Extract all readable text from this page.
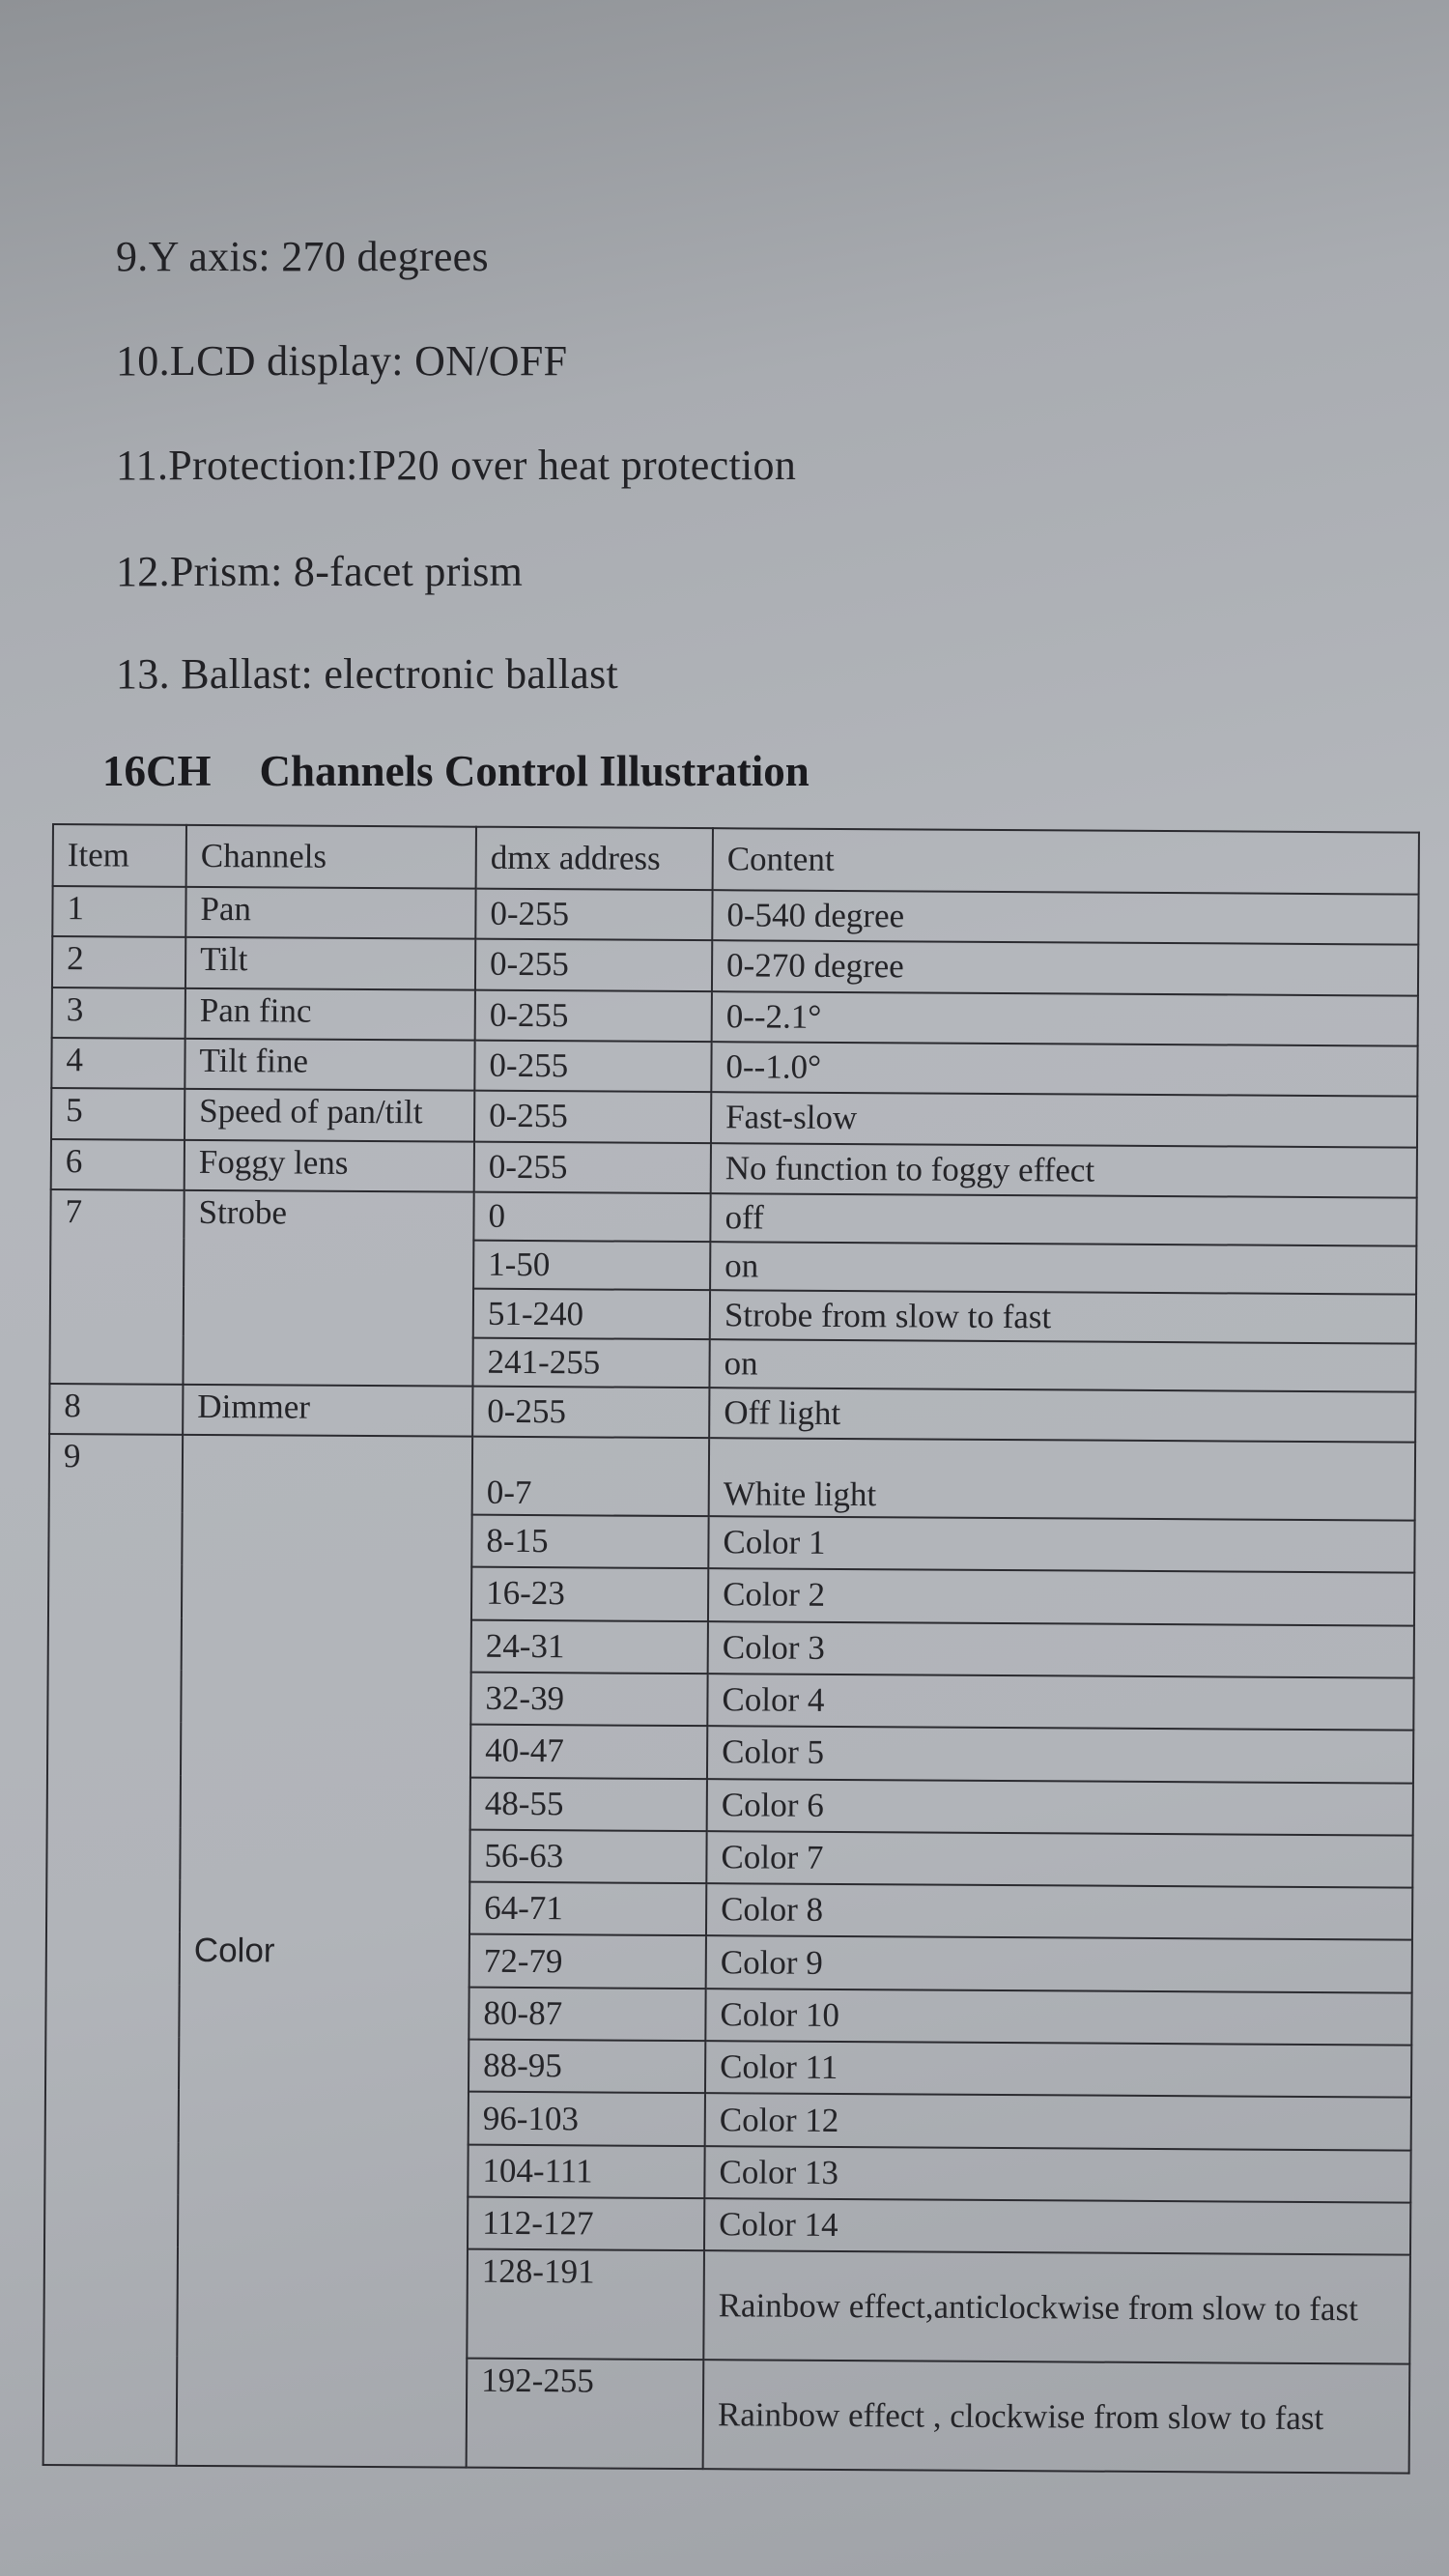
9.Y axis: 270 degrees
10.LCD display: ON/OFF
11.Protection:IP20 over heat protection
12.Prism: 8-facet prism
13. Ballast: electronic ballast
16CH Channels Control Illustration
Item	Channels	dmx address	Content
1	Pan	0-255	0-540 degree
2	Tilt	0-255	0-270 degree
3	Pan finc	0-255	0--2.1°
4	Tilt fine	0-255	0--1.0°
5	Speed of pan/tilt	0-255	Fast-slow
6	Foggy lens	0-255	No function to foggy effect
7	Strobe	0	off
		1-50	on
		51-240	Strobe from slow to fast
		241-255	on
8	Dimmer	0-255	Off light
9	Color	0-7	White light
		8-15	Color 1
		16-23	Color 2
		24-31	Color 3
		32-39	Color 4
		40-47	Color 5
		48-55	Color 6
		56-63	Color 7
		64-71	Color 8
		72-79	Color 9
		80-87	Color 10
		88-95	Color 11
		96-103	Color 12
		104-111	Color 13
		112-127	Color 14
		128-191	Rainbow effect,anticlockwise from slow to fast
		192-255	Rainbow effect , clockwise from slow to fast
